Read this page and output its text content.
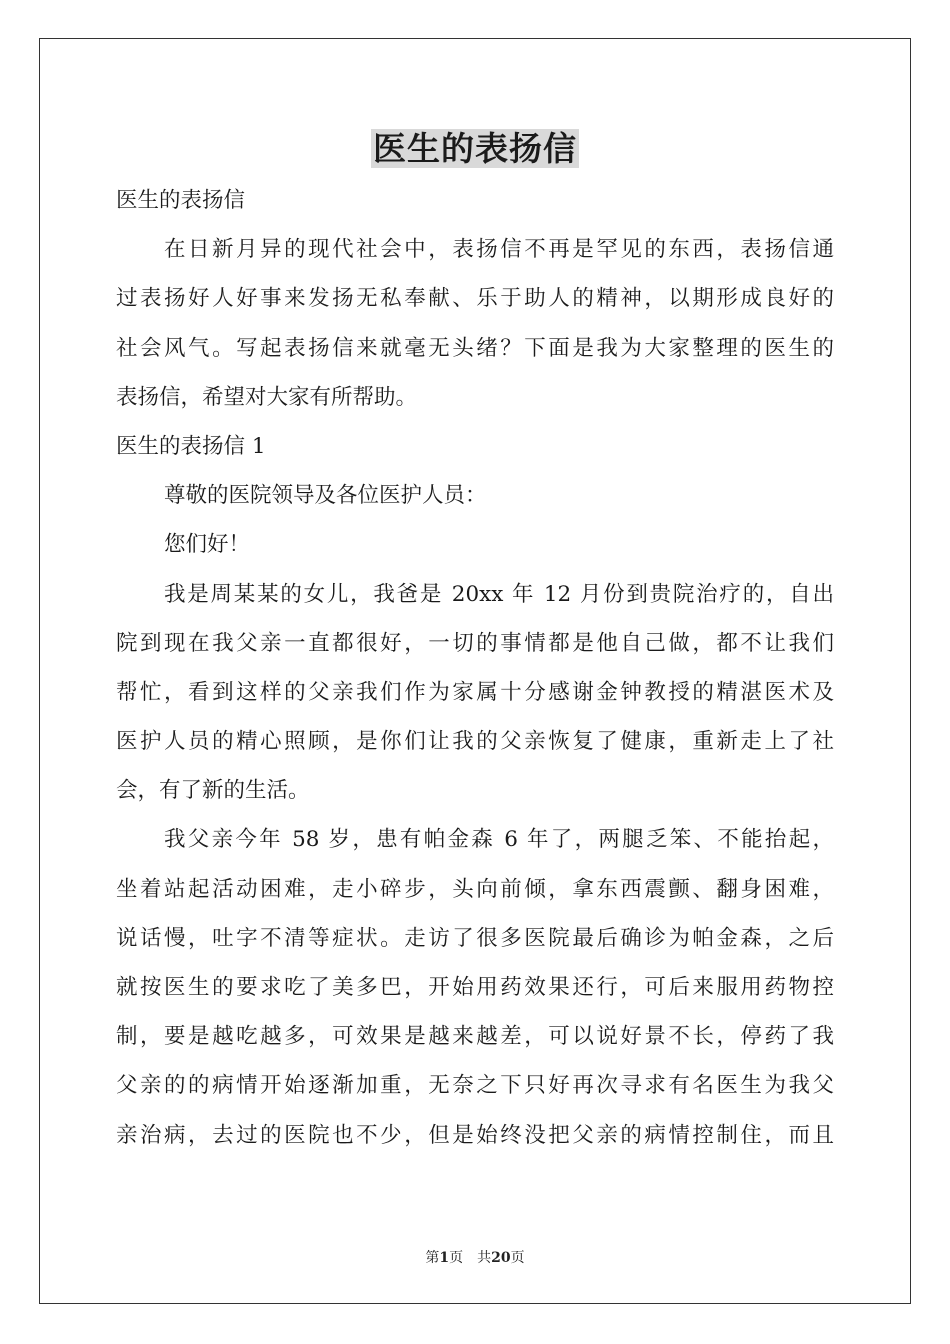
医生的表扬信
医生的表扬信
在日新月异的现代社会中，表扬信不再是罕见的东西，表扬信通
过表扬好人好事来发扬无私奉献、乐于助人的精神，以期形成良好的
社会风气。写起表扬信来就毫无头绪？下面是我为大家整理的医生的
表扬信，希望对大家有所帮助。
医生的表扬信 1
尊敬的医院领导及各位医护人员：
您们好！
我是周某某的女儿，我爸是 20xx 年 12 月份到贵院治疗的，自出
院到现在我父亲一直都很好，一切的事情都是他自己做，都不让我们
帮忙，看到这样的父亲我们作为家属十分感谢金钟教授的精湛医术及
医护人员的精心照顾，是你们让我的父亲恢复了健康，重新走上了社
会，有了新的生活。
我父亲今年 58 岁，患有帕金森 6 年了，两腿乏笨、不能抬起，
坐着站起活动困难，走小碎步，头向前倾，拿东西震颤、翻身困难，
说话慢，吐字不清等症状。走访了很多医院最后确诊为帕金森，之后
就按医生的要求吃了美多巴，开始用药效果还行，可后来服用药物控
制，要是越吃越多，可效果是越来越差，可以说好景不长，停药了我
父亲的的病情开始逐渐加重，无奈之下只好再次寻求有名医生为我父
亲治病，去过的医院也不少，但是始终没把父亲的病情控制住，而且
第1页 共20页
